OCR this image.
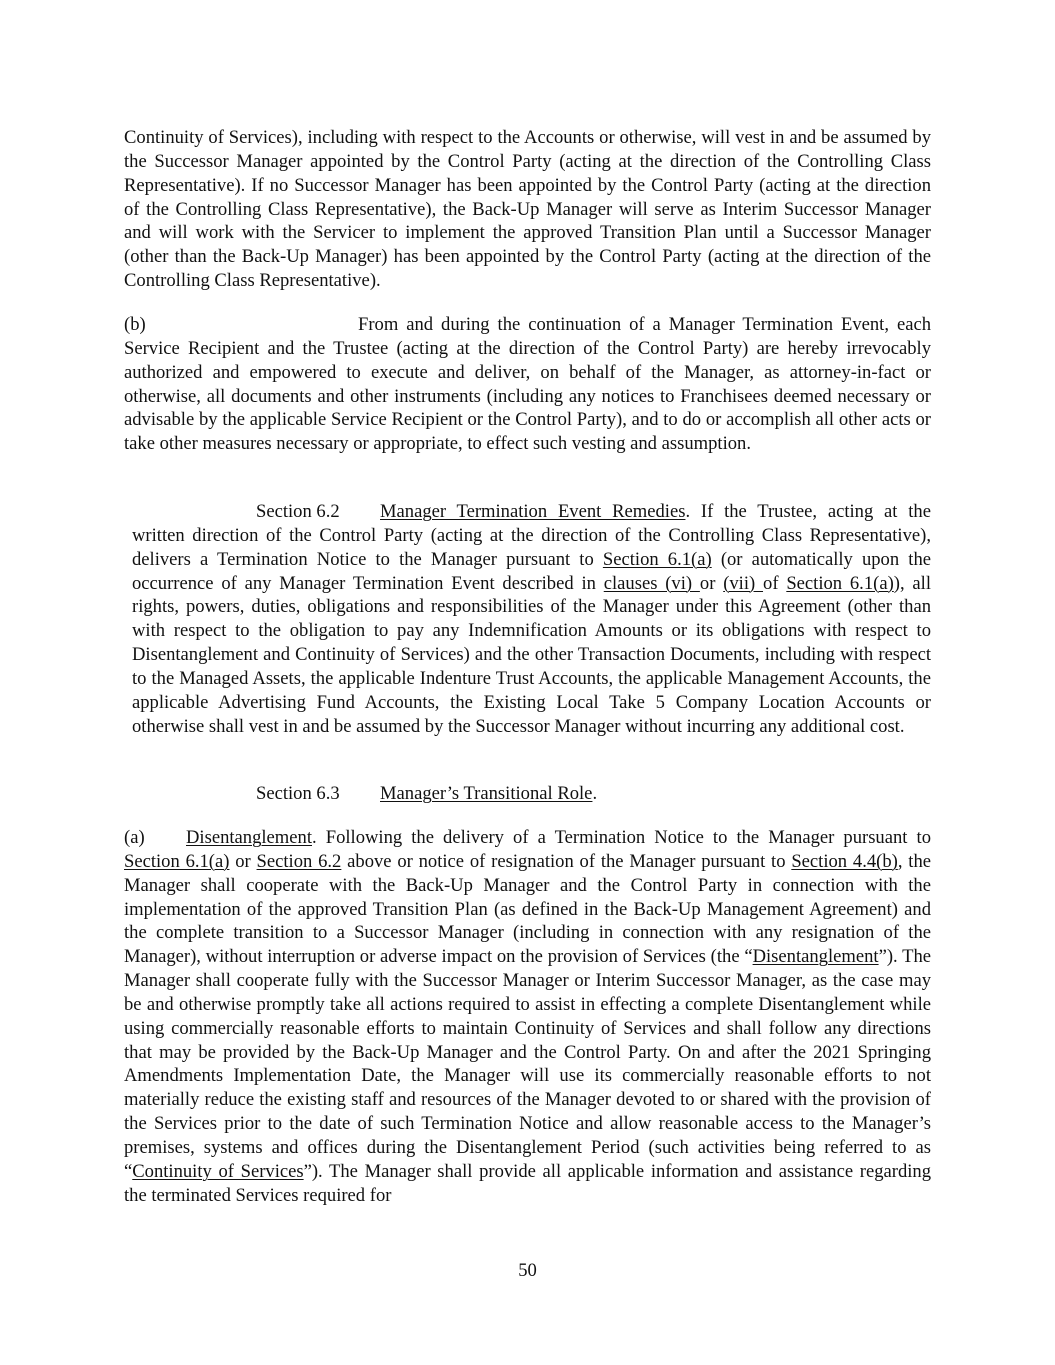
Continuity of Services), including with respect to the Accounts or otherwise, will vest in and be assumed by the Successor Manager appointed by the Control Party (acting at the direction of the Controlling Class Representative). If no Successor Manager has been appointed by the Control Party (acting at the direction of the Controlling Class Representative), the Back-Up Manager will serve as Interim Successor Manager and will work with the Servicer to implement the approved Transition Plan until a Successor Manager (other than the Back-Up Manager) has been appointed by the Control Party (acting at the direction of the Controlling Class Representative).

(b)	From and during the continuation of a Manager Termination Event, each Service Recipient and the Trustee (acting at the direction of the Control Party) are hereby irrevocably authorized and empowered to execute and deliver, on behalf of the Manager, as attorney-in-fact or otherwise, all documents and other instruments (including any notices to Franchisees deemed necessary or advisable by the applicable Service Recipient or the Control Party), and to do or accomplish all other acts or take other measures necessary or appropriate, to effect such vesting and assumption.

Section 6.2 Manager Termination Event Remedies. If the Trustee, acting at the written direction of the Control Party (acting at the direction of the Controlling Class Representative), delivers a Termination Notice to the Manager pursuant to Section 6.1(a) (or automatically upon the occurrence of any Manager Termination Event described in clauses (vi) or (vii) of Section 6.1(a)), all rights, powers, duties, obligations and responsibilities of the Manager under this Agreement (other than with respect to the obligation to pay any Indemnification Amounts or its obligations with respect to Disentanglement and Continuity of Services) and the other Transaction Documents, including with respect to the Managed Assets, the applicable Indenture Trust Accounts, the applicable Management Accounts, the applicable Advertising Fund Accounts, the Existing Local Take 5 Company Location Accounts or otherwise shall vest in and be assumed by the Successor Manager without incurring any additional cost.

Section 6.3 Manager’s Transitional Role.

(a) Disentanglement. Following the delivery of a Termination Notice to the Manager pursuant to Section 6.1(a) or Section 6.2 above or notice of resignation of the Manager pursuant to Section 4.4(b), the Manager shall cooperate with the Back-Up Manager and the Control Party in connection with the implementation of the approved Transition Plan (as defined in the Back-Up Management Agreement) and the complete transition to a Successor Manager (including in connection with any resignation of the Manager), without interruption or adverse impact on the provision of Services (the “Disentanglement”). The Manager shall cooperate fully with the Successor Manager or Interim Successor Manager, as the case may be and otherwise promptly take all actions required to assist in effecting a complete Disentanglement while using commercially reasonable efforts to maintain Continuity of Services and shall follow any directions that may be provided by the Back-Up Manager and the Control Party. On and after the 2021 Springing Amendments Implementation Date, the Manager will use its commercially reasonable efforts to not materially reduce the existing staff and resources of the Manager devoted to or shared with the provision of the Services prior to the date of such Termination Notice and allow reasonable access to the Manager’s premises, systems and offices during the Disentanglement Period (such activities being referred to as “Continuity of Services”). The Manager shall provide all applicable information and assistance regarding the terminated Services required for

50
